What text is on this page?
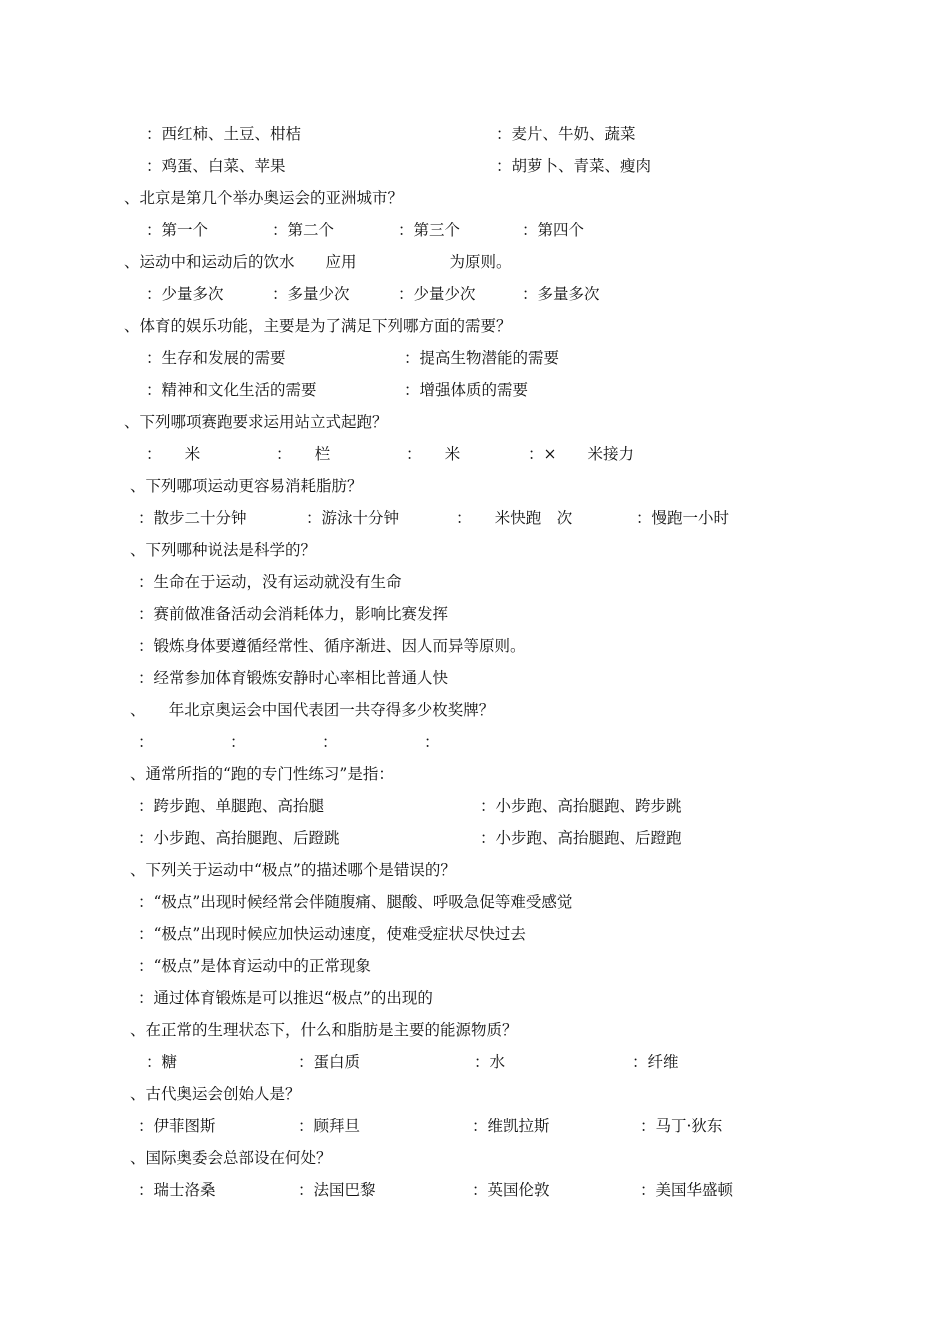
：西红柿、土豆、柑桔	：麦片、牛奶、蔬菜
：鸡蛋、白菜、苹果	：胡萝卜、青菜、瘦肉
、北京是第几个举办奥运会的亚洲城市？
：第一个	：第二个	：第三个	：第四个
、运动中和运动后的饮水　　应用　　　　　　为原则。
：少量多次	：多量少次	：少量少次	：多量多次
、体育的娱乐功能，主要是为了满足下列哪方面的需要？
：生存和发展的需要	：提高生物潜能的需要
：精神和文化生活的需要	：增强体质的需要
、下列哪项赛跑要求运用站立式起跑？
：　　米	：　　栏	：　　米	：×　　米接力
、下列哪项运动更容易消耗脂肪？
：散步二十分钟	：游泳十分钟	：　　米快跑　次	：慢跑一小时
、下列哪种说法是科学的？
：生命在于运动，没有运动就没有生命
：赛前做准备活动会消耗体力，影响比赛发挥
：锻炼身体要遵循经常性、循序渐进、因人而异等原则。
：经常参加体育锻炼安静时心率相比普通人快
、　　年北京奥运会中国代表团一共夺得多少枚奖牌？
：	：	：	：
、通常所指的“跑的专门性练习”是指：
：跨步跑、单腿跑、高抬腿	：小步跑、高抬腿跑、跨步跳
：小步跑、高抬腿跑、后蹬跳	：小步跑、高抬腿跑、后蹬跑
、下列关于运动中“极点”的描述哪个是错误的？
：“极点”出现时候经常会伴随腹痛、腿酸、呼吸急促等难受感觉
：“极点”出现时候应加快运动速度，使难受症状尽快过去
：“极点”是体育运动中的正常现象
：通过体育锻炼是可以推迟“极点”的出现的
、在正常的生理状态下，什么和脂肪是主要的能源物质？
：糖	：蛋白质	：水	：纤维
、古代奥运会创始人是？
：伊菲图斯	：顾拜旦	：维凯拉斯	：马丁·狄东
、国际奥委会总部设在何处？
：瑞士洛桑	：法国巴黎	：英国伦敦	：美国华盛顿
